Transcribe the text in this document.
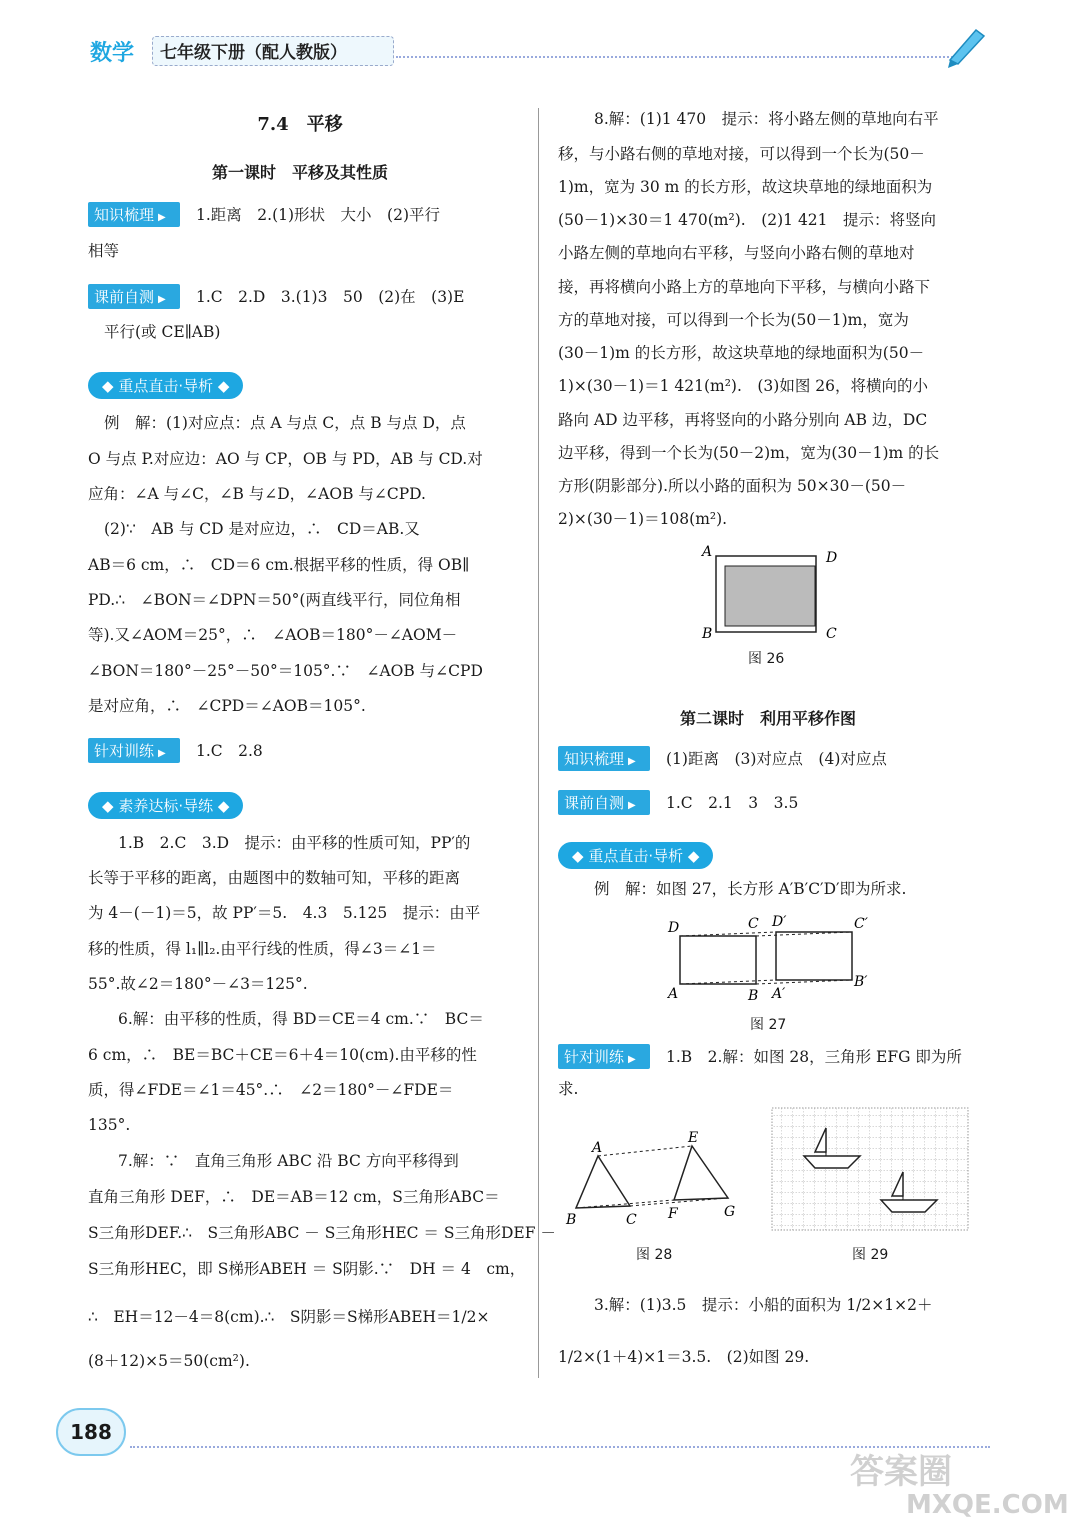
数学 七年级下册（配人教版）
7.4　 平移
第一课时　平移及其性质
知识梳理 ▶	1.距离　2.(1)形状　大小　(2)平行
相等
课前自测 ▶	1.C　2.D　3.(1)3　50　(2)在　(3)E
平行(或 CE∥AB)
◆ 重点直击·导析 ◆
例　解：(1)对应点：点 A 与点 C，点 B 与点 D，点
O 与点 P.对应边：AO 与 CP，OB 与 PD，AB 与 CD.对
应角：∠A 与∠C，∠B 与∠D，∠AOB 与∠CPD.
(2)∵　AB 与 CD 是对应边，∴　CD＝AB.又
AB＝6 cm，∴　CD＝6 cm.根据平移的性质，得 OB∥
PD.∴　∠BON＝∠DPN＝50°(两直线平行，同位角相
等).又∠AOM＝25°，∴　∠AOB＝180°－∠AOM－
∠BON＝180°－25°－50°＝105°.∵　∠AOB 与∠CPD
是对应角，∴　∠CPD＝∠AOB＝105°.
针对训练 ▶	1.C　2.8
◆ 素养达标·导练 ◆
1.B　2.C　3.D　提示：由平移的性质可知，PP′的
长等于平移的距离，由题图中的数轴可知，平移的距离
为 4－(－1)＝5，故 PP′＝5.　4.3　5.125　提示：由平
移的性质，得 l₁∥l₂.由平行线的性质，得∠3＝∠1＝
55°.故∠2＝180°－∠3＝125°.
6.解：由平移的性质，得 BD＝CE＝4 cm.∵　BC＝
6 cm，∴　BE＝BC＋CE＝6＋4＝10(cm).由平移的性
质，得∠FDE＝∠1＝45°.∴　∠2＝180°－∠FDE＝
135°.
7.解：∵　直角三角形 ABC 沿 BC 方向平移得到
直角三角形 DEF，∴　DE＝AB＝12 cm，S三角形ABC＝
S三角形DEF.∴　S三角形ABC － S三角形HEC ＝ S三角形DEF －
S三角形HEC，即 S梯形ABEH ＝ S阴影.∵　DH ＝ 4　cm，
∴　EH＝12－4＝8(cm).∴　S阴影＝S梯形ABEH＝1/2×
(8＋12)×5＝50(cm²).
8.解：(1)1 470　提示：将小路左侧的草地向右平
移，与小路右侧的草地对接，可以得到一个长为(50－
1)m，宽为 30 m 的长方形，故这块草地的绿地面积为
(50－1)×30＝1 470(m²).　(2)1 421　提示：将竖向
小路左侧的草地向右平移，与竖向小路右侧的草地对
接，再将横向小路上方的草地向下平移，与横向小路下
方的草地对接，可以得到一个长为(50－1)m，宽为
(30－1)m 的长方形，故这块草地的绿地面积为(50－
1)×(30－1)＝1 421(m²).　(3)如图 26，将横向的小
路向 AD 边平移，再将竖向的小路分别向 AB 边，DC
边平移，得到一个长为(50－2)m，宽为(30－1)m 的长
方形(阴影部分).所以小路的面积为 50×30－(50－
2)×(30－1)＝108(m²).
A	D
B	C
图 26
第二课时　利用平移作图
知识梳理 ▶	(1)距离　(3)对应点　(4)对应点
课前自测 ▶	1.C　2.1　3　3.5
◆ 重点直击·导析 ◆
例　解：如图 27，长方形 A′B′C′D′即为所求.
D	C D′	C′
A	B A′
B′
图 27
针对训练 ▶	1.B　2.解：如图 28，三角形 EFG 即为所
求.
A
B	C
E
F	G
图 28	图 29
3.解：(1)3.5　提示：小船的面积为 1/2×1×2＋
1/2×(1＋4)×1＝3.5.　(2)如图 29.
188
答案圈
MXQE.COM
